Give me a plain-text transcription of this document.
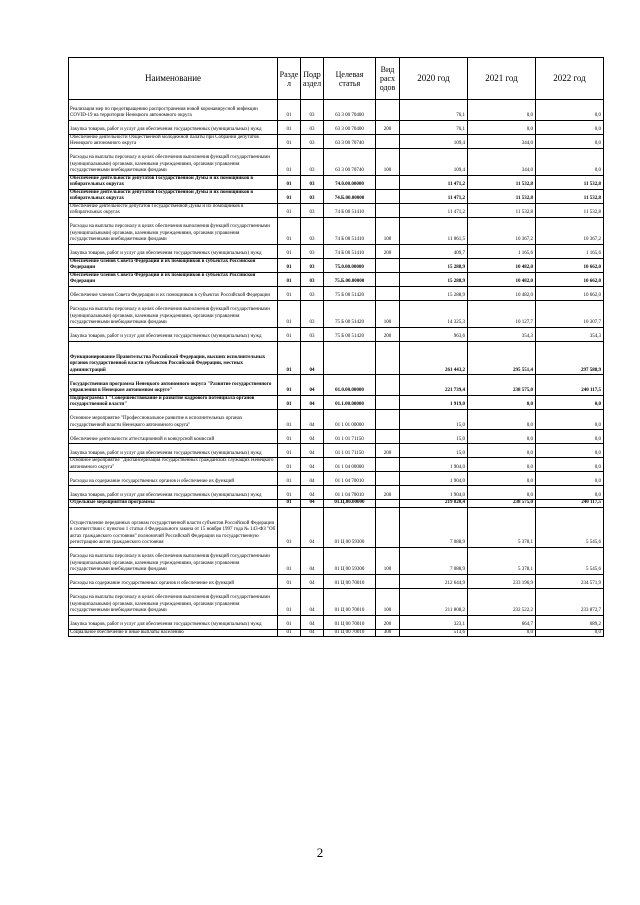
Наименование	Разде л	Подр аздел	Целевая статья	Вид расх одов	2020 год	2021 год	2022 год
Реализация мер по предотвращению распространения новой коронавирусной инфекции COVID-19 на территории Ненецкого автономного округа	01	03	63 3 00 70400		76,1	0,0	0,0
Закупка товаров, работ и услуг для обеспечения государственных (муниципальных) нужд	01	03	63 3 00 70400	200	76,1	0,0	0,0
Обеспечение деятельности Общественной молодежной палаты при Собрании депутатов Ненецкого автономного округа	01	03	63 3 00 70740		109,4	344,0	0,0
Расходы на выплаты персоналу в целях обеспечения выполнения функций государственными (муниципальными) органами, казенными учреждениями, органами управления государственными внебюджетными фондами	01	03	63 3 00 70740	100	109,4	344,0	0,0
Обеспечение деятельности депутатов Государственной Думы и их помощников в избирательных округах	01	03	74.0.00.00000		11 471,2	11 532,8	11 532,8
Обеспечение деятельности депутатов Государственной Думы и их помощников в избирательных округах	01	03	74.Б.00.00000		11 471,2	11 532,8	11 532,8
Обеспечение деятельности депутатов Государственной Думы и их помощников в избирательных округах	01	03	74 Б 00 51410		11 471,2	11 532,8	11 532,8
Расходы на выплаты персоналу в целях обеспечения выполнения функций государственными (муниципальными) органами, казенными учреждениями, органами управления государственными внебюджетными фондами	01	03	74 Б 00 51410	100	11 061,5	10 367,2	10 367,2
Закупка товаров, работ и услуг для обеспечения государственных (муниципальных) нужд	01	03	74 Б 00 51410	200	409,7	1 165,6	1 165,6
Обеспечение членов Совета Федерации и их помощников в субъектах Российской Федерации	01	03	75.0.00.00000		15 288,9	10 482,0	10 662,0
Обеспечение членов Совета Федерации и их помощников в субъектах Российской Федерации	01	03	75.Б.00.00000		15 288,9	10 482,0	10 662,0
Обеспечение членов Совета Федерации и их помощников в субъектах Российской Федерации	01	03	75 Б 00 51420		15 288,9	10 482,0	10 662,0
Расходы на выплаты персоналу в целях обеспечения выполнения функций государственными (муниципальными) органами, казенными учреждениями, органами управления государственными внебюджетными фондами	01	03	75 Б 00 51420	100	14 325,3	10 127,7	10 307,7
Закупка товаров, работ и услуг для обеспечения государственных (муниципальных) нужд	01	03	75 Б 00 51420	200	963,6	354,3	354,3
Функционирование Правительства Российской Федерации, высших исполнительных органов государственной власти субъектов Российской Федерации, местных администраций	01	04			261 443,2	295 551,4	297 588,9
Государственная программа Ненецкого автономного округа "Развитие государственного управления в Ненецком автономном округе"	01	04	01.0.00.00000		221 739,4	238 575,0	240 117,5
Подпрограмма 1 "Совершенствование и развитие кадрового потенциала органов государственной власти"	01	04	01.1.00.00000		1 919,0	0,0	0,0
Основное мероприятие "Профессиональное развитие в исполнительных органах государственной власти Ненецкого автономного округа"	01	04	01 1 01 00000		15,0	0,0	0,0
Обеспечение деятельности аттестационной и конкурсной комиссий	01	04	01 1 01 71150		15,0	0,0	0,0
Закупка товаров, работ и услуг для обеспечения государственных (муниципальных) нужд	01	04	01 1 01 71150	200	15,0	0,0	0,0
Основное мероприятие "Диспансеризация государственных гражданских служащих Ненецкого автономного округа"	01	04	01 1 04 00000		1 904,0	0,0	0,0
Расходы на содержание государственных органов и обеспечение их функций	01	04	01 1 04 70010		1 904,0	0,0	0,0
Закупка товаров, работ и услуг для обеспечения государственных (муниципальных) нужд	01	04	01 1 04 70010	200	1 904,0	0,0	0,0
Отдельные мероприятия программы	01	04	01.Ц.00.00000		219 820,4	238 575,0	240 117,5
Осуществление переданных органам государственной власти субъектов Российской Федерации в соответствии с пунктом 1 статьи 4 Федерального закона от 15 ноября 1997 года № 143-ФЗ "Об актах гражданского состояния" полномочий Российской Федерации на государственную регистрацию актов гражданского состояния	01	04	01 Ц 00 59300		7 088,9	5 378,1	5 545,6
Расходы на выплаты персоналу в целях обеспечения выполнения функций государственными (муниципальными) органами, казенными учреждениями, органами управления государственными внебюджетными фондами	01	04	01 Ц 00 59300	100	7 088,9	5 378,1	5 545,6
Расходы на содержание государственных органов и обеспечение их функций	01	04	01 Ц 00 70010		212 644,9	233 196,9	234 571,9
Расходы на выплаты персоналу в целях обеспечения выполнения функций государственными (муниципальными) органами, казенными учреждениями, органами управления государственными внебюджетными фондами	01	04	01 Ц 00 70010	100	211 808,2	232 522,2	233 872,7
Закупка товаров, работ и услуг для обеспечения государственных (муниципальных) нужд	01	04	01 Ц 00 70010	200	323,1	664,7	689,2
Социальное обеспечение и иные выплаты населению	01	04	01 Ц 00 70010	300	513,6	0,0	0,0
2
